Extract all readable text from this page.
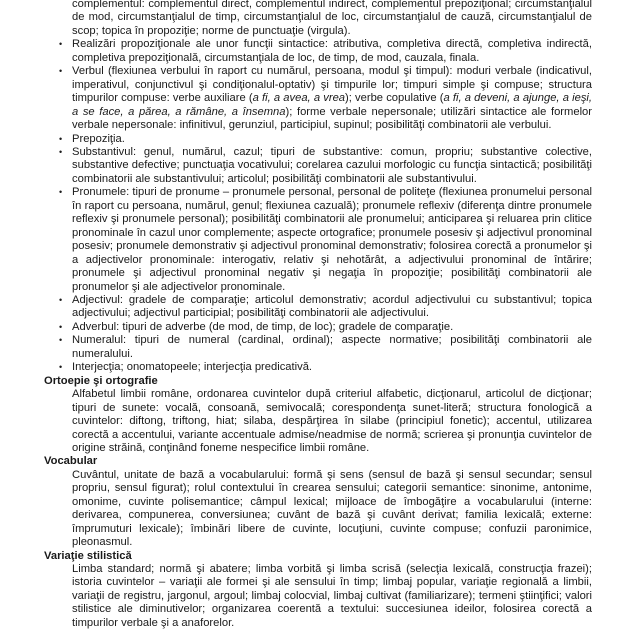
complementul: complementul direct, complementul indirect, complementul prepoziţional; circumstanţialul de mod, circumstanţialul de timp, circumstanţialul de loc, circumstanţialul de cauză, circumstanţialul de scop; topica în propoziţie; norme de punctuaţie (virgula).

• Realizări propoziţionale ale unor funcţii sintactice: atributiva, completiva directă, completiva indirectă, completiva prepoziţională, circumstanţiala de loc, de timp, de mod, cauzala, finala.
• Verbul (flexiunea verbului în raport cu numărul, persoana, modul şi timpul): moduri verbale (indicativul, imperativul, conjunctivul şi condiţionalul-optativ) şi timpurile lor; timpuri simple şi compuse; structura timpurilor compuse: verbe auxiliare (a fi, a avea, a vrea); verbe copulative (a fi, a deveni, a ajunge, a ieşi, a se face, a părea, a rămâne, a însemna); forme verbale nepersonale; utilizări sintactice ale formelor verbale nepersonale: infinitivul, gerunziul, participiul, supinul; posibilităţi combinatorii ale verbului.
• Prepoziţia.
• Substantivul: genul, numărul, cazul; tipuri de substantive: comun, propriu; substantive colective, substantive defective; punctuaţia vocativului; corelarea cazului morfologic cu funcţia sintactică; posibilităţi combinatorii ale substantivului; articolul; posibilităţi combinatorii ale substantivului.
• Pronumele: tipuri de pronume – pronumele personal, personal de politeţe (flexiunea pronumelui personal în raport cu persoana, numărul, genul; flexiunea cazuală); pronumele reflexiv (diferenţa dintre pronumele reflexiv şi pronumele personal); posibilităţi combinatorii ale pronumelui; anticiparea şi reluarea prin clitice pronominale în cazul unor complemente; aspecte ortografice; pronumele posesiv şi adjectivul pronominal posesiv; pronumele demonstrativ şi adjectivul pronominal demonstrativ; folosirea corectă a pronumelor şi a adjectivelor pronominale: interogativ, relativ şi nehotărât, a adjectivului pronominal de întărire; pronumele şi adjectivul pronominal negativ şi negaţia în propoziţie; posibilităţi combinatorii ale pronumelor şi ale adjectivelor pronominale.
• Adjectivul: gradele de comparaţie; articolul demonstrativ; acordul adjectivului cu substantivul; topica adjectivului; adjectivul participial; posibilităţi combinatorii ale adjectivului.
• Adverbul: tipuri de adverbe (de mod, de timp, de loc); gradele de comparaţie.
• Numeralul: tipuri de numeral (cardinal, ordinal); aspecte normative; posibilităţi combinatorii ale numeralului.
• Interjecţia; onomatopeele; interjecţia predicativă.
Ortoepie şi ortografie

Alfabetul limbii române, ordonarea cuvintelor după criteriul alfabetic, dicţionarul, articolul de dicţionar; tipuri de sunete: vocală, consoană, semivocală; corespondenţa sunet-literă; structura fonologică a cuvintelor: diftong, triftong, hiat; silaba, despărţirea în silabe (principiul fonetic); accentul, utilizarea corectă a accentului, variante accentuale admise/neadmise de normă; scrierea şi pronunţia cuvintelor de origine străină, conţinând foneme nespecifice limbii române.

Vocabular

Cuvântul, unitate de bază a vocabularului: formă şi sens (sensul de bază şi sensul secundar; sensul propriu, sensul figurat); rolul contextului în crearea sensului; categorii semantice: sinonime, antonime, omonime, cuvinte polisemantice; câmpul lexical; mijloace de îmbogăţire a vocabularului (interne: derivarea, compunerea, conversiunea; cuvânt de bază şi cuvânt derivat; familia lexicală; externe: împrumuturi lexicale); îmbinări libere de cuvinte, locuţiuni, cuvinte compuse; confuzii paronimice, pleonasmul.

Variaţie stilistică

Limba standard; normă şi abatere; limba vorbită şi limba scrisă (selecţia lexicală, construcţia frazei); istoria cuvintelor – variaţii ale formei şi ale sensului în timp; limbaj popular, variaţie regională a limbii, variaţii de registru, jargonul, argoul; limbaj colocvial, limbaj cultivat (familiarizare); termeni ştiinţifici; valori stilistice ale diminutivelor; organizarea coerentă a textului: succesiunea ideilor, folosirea corectă a timpurilor verbale şi a anaforelor.
